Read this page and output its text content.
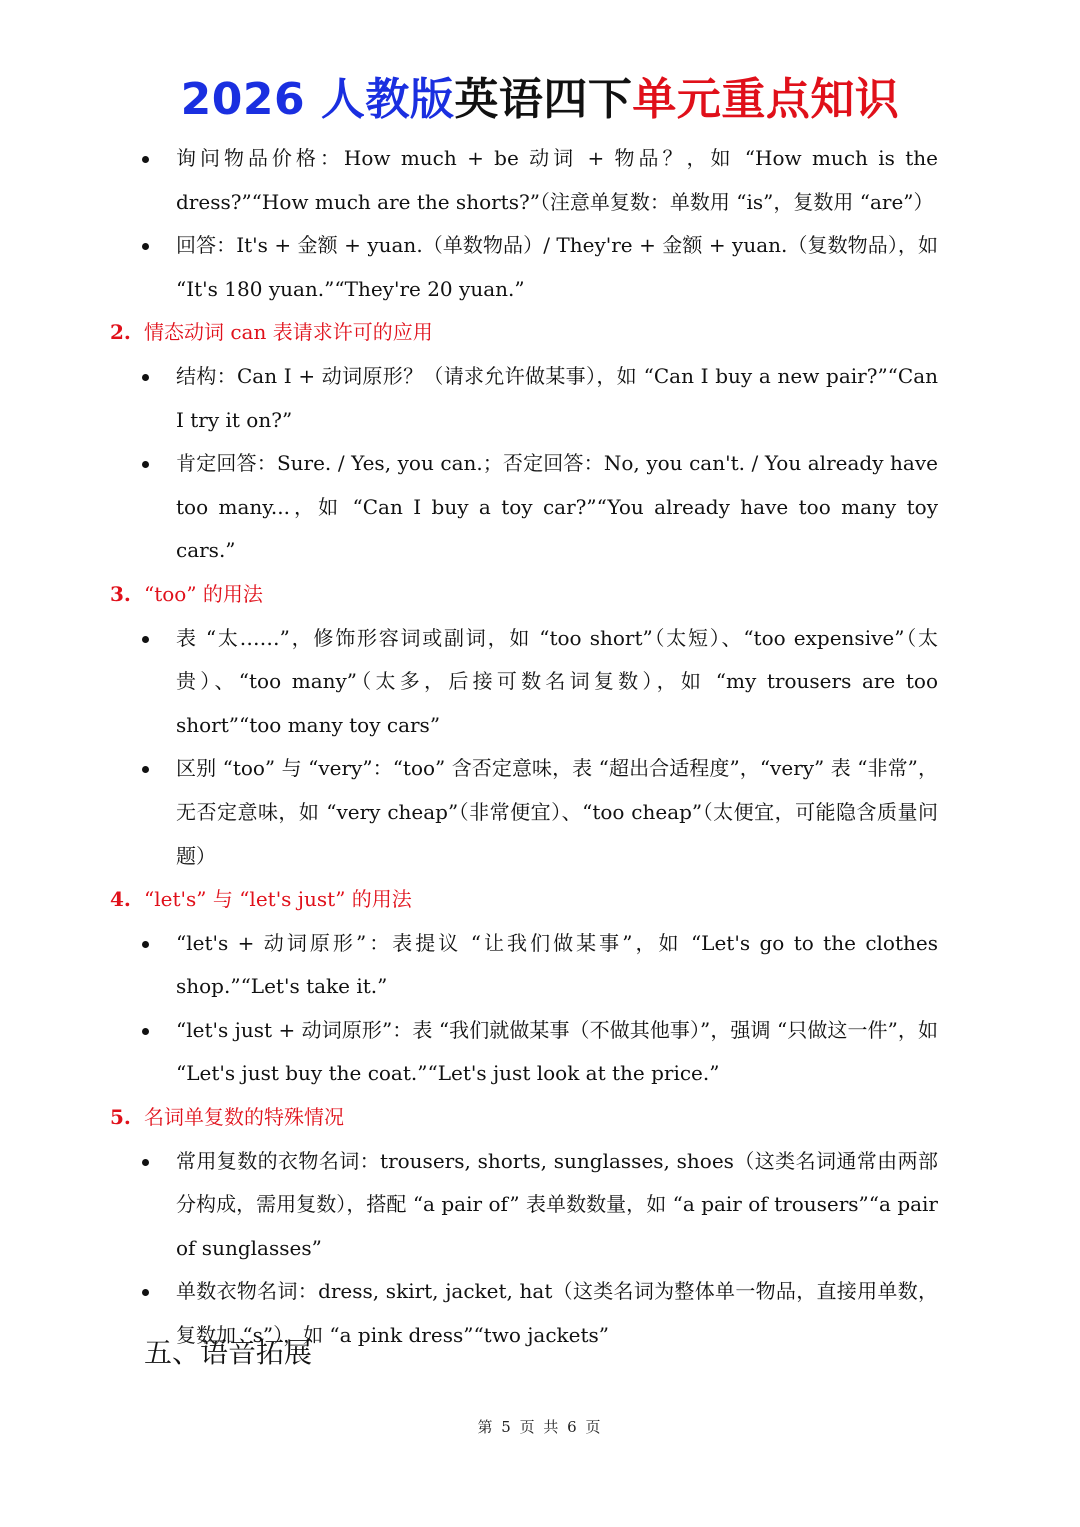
2026 人教版英语四下单元重点知识
询问物品价格：How much + be 动词 + 物品？，如 “How much is the dress?”“How much are the shorts?”（注意单复数：单数用 “is”，复数用 “are”）
回答：It's + 金额 + yuan.（单数物品）/ They're + 金额 + yuan.（复数物品），如 “It's 180 yuan.”“They're 20 yuan.”
2. 情态动词 can 表请求许可的应用
结构：Can I + 动词原形？（请求允许做某事），如 “Can I buy a new pair?”“Can I try it on?”
肯定回答：Sure. / Yes, you can.；否定回答：No, you can't. / You already have too many...，如 “Can I buy a toy car?”“You already have too many toy cars.”
3. “too” 的用法
表 “太……”，修饰形容词或副词，如 “too short”（太短）、“too expensive”（太贵）、“too many”（太多，后接可数名词复数），如 “my trousers are too short”“too many toy cars”
区别 “too” 与 “very”：“too” 含否定意味，表 “超出合适程度”，“very” 表 “非常”，无否定意味，如 “very cheap”（非常便宜）、“too cheap”（太便宜，可能隐含质量问题）
4. “let's” 与 “let's just” 的用法
“let's + 动词原形”：表提议 “让我们做某事”，如 “Let's go to the clothes shop.”“Let's take it.”
“let's just + 动词原形”：表 “我们就做某事（不做其他事）”，强调 “只做这一件”，如 “Let's just buy the coat.”“Let's just look at the price.”
5. 名词单复数的特殊情况
常用复数的衣物名词：trousers, shorts, sunglasses, shoes（这类名词通常由两部分构成，需用复数），搭配 “a pair of” 表单数数量，如 “a pair of trousers”“a pair of sunglasses”
单数衣物名词：dress, skirt, jacket, hat（这类名词为整体单一物品，直接用单数，复数加 “s”），如 “a pink dress”“two jackets”
五、语音拓展
第 5 页 共 6 页
